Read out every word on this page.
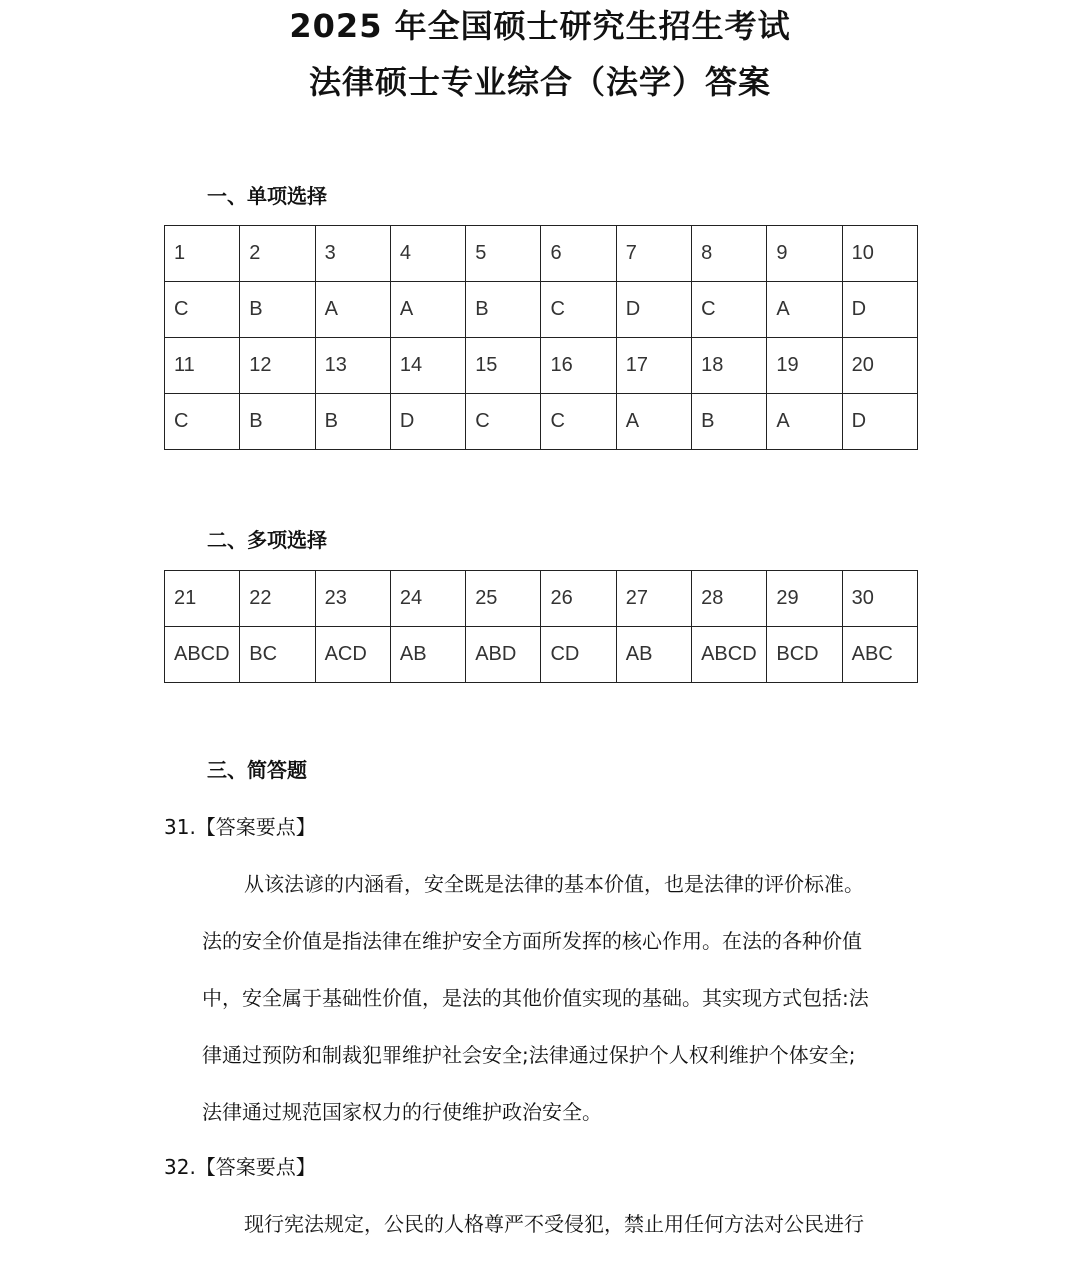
2025 年全国硕士研究生招生考试
法律硕士专业综合（法学）答案
一、单项选择
1	2	3	4	5	6	7	8	9	10
C	B	A	A	B	C	D	C	A	D
11	12	13	14	15	16	17	18	19	20
C	B	B	D	C	C	A	B	A	D
二、多项选择
21	22	23	24	25	26	27	28	29	30
ABCD	BC	ACD	AB	ABD	CD	AB	ABCD	BCD	ABC
三、简答题
31.【答案要点】
从该法谚的内涵看，安全既是法律的基本价值，也是法律的评价标准。
法的安全价值是指法律在维护安全方面所发挥的核心作用。在法的各种价值
中，安全属于基础性价值，是法的其他价值实现的基础。其实现方式包括:法
律通过预防和制裁犯罪维护社会安全;法律通过保护个人权利维护个体安全;
法律通过规范国家权力的行使维护政治安全。
32.【答案要点】
现行宪法规定，公民的人格尊严不受侵犯，禁止用任何方法对公民进行
